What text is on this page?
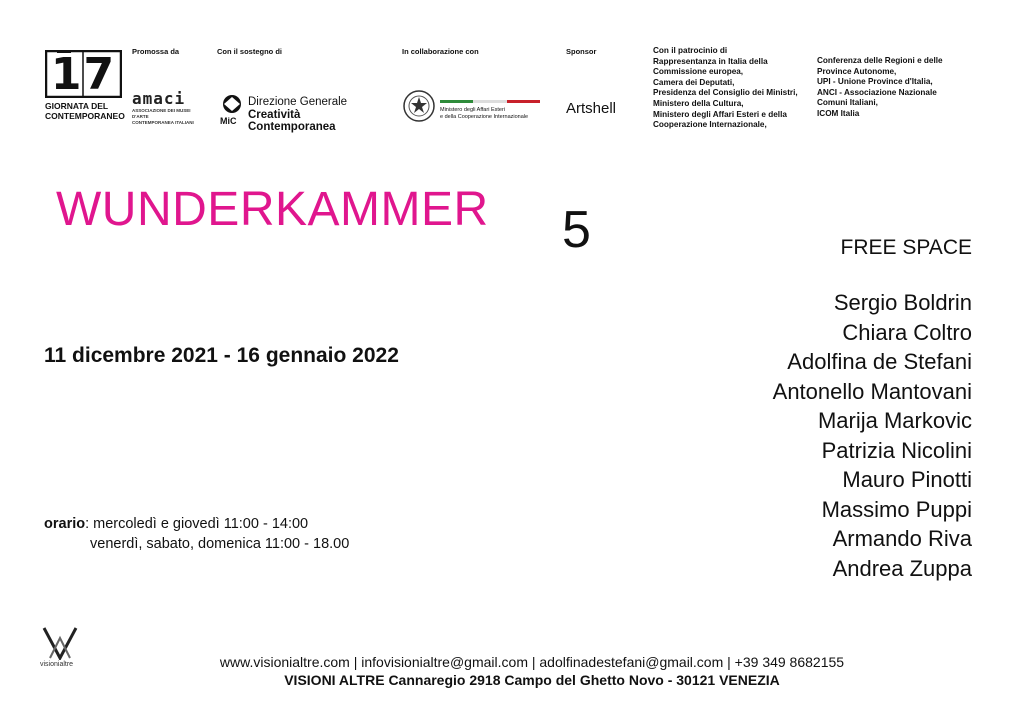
17
GIORNATA DEL
CONTEMPORANEO
Promossa da	Con il sostegno di	In collaborazione con	Sponsor
amaci
ASSOCIAZIONE DEI MUSEI D'ARTE
CONTEMPORANEA ITALIANI	MiC
Direzione Generale
Creatività Contemporanea
Ministero degli Affari Esteri
e della Cooperazione Internazionale	Artshell
Con il patrocinio di
Rappresentanza in Italia della
Commissione europea,
Camera dei Deputati,
Presidenza del Consiglio dei Ministri,
Ministero della Cultura,
Ministero degli Affari Esteri e della
Cooperazione Internazionale,
Conferenza delle Regioni e delle
Province Autonome,
UPI - Unione Province d'Italia,
ANCI - Associazione Nazionale
Comuni Italiani,
ICOM Italia
WUNDERKAMMER 5	FREE SPACE
Sergio Boldrin
Chiara Coltro
Adolfina de Stefani
Antonello Mantovani
Marija Markovic
Patrizia Nicolini
Mauro Pinotti
Massimo Puppi
Armando Riva
Andrea Zuppa
11 dicembre 2021 - 16 gennaio 2022
orario: mercoledì e giovedì 11:00 - 14:00
venerdì, sabato, domenica 11:00 - 18.00
visionialtre	www.visionialtre.com | infovisionialtre@gmail.com | adolfinadestefani@gmail.com | +39 349 8682155
VISIONI ALTRE Cannaregio 2918 Campo del Ghetto Novo - 30121 VENEZIA
